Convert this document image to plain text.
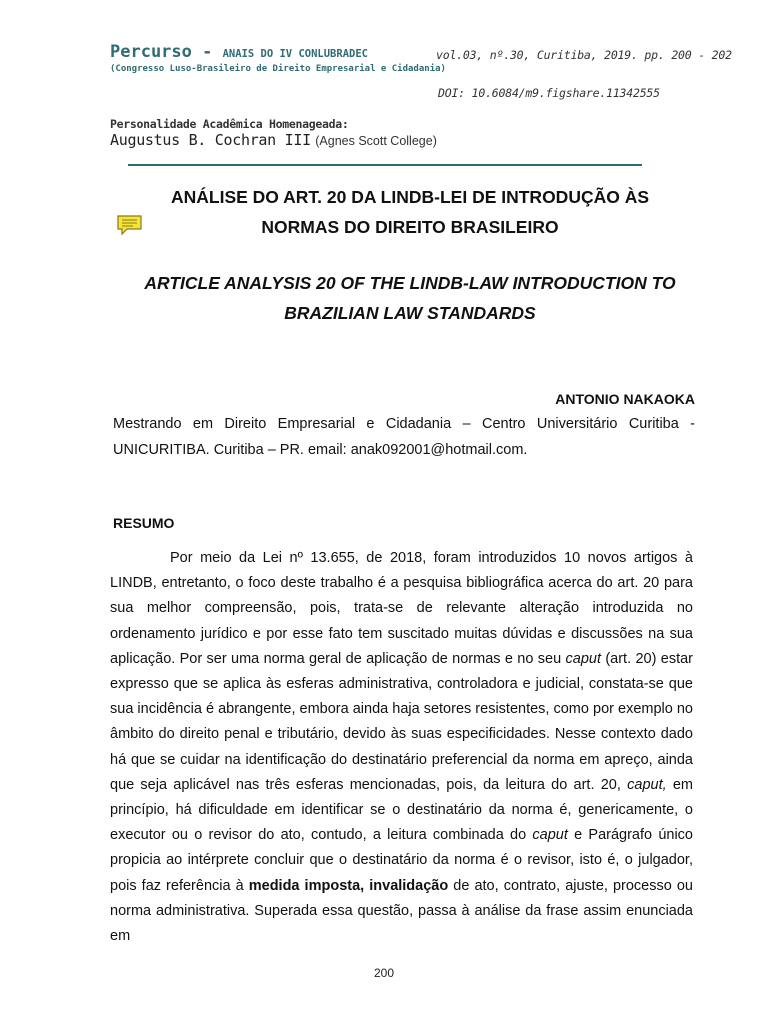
Percurso - ANAIS DO IV CONLUBRADEC
(Congresso Luso-Brasileiro de Direito Empresarial e Cidadania)
vol.03, nº.30, Curitiba, 2019. pp. 200 - 202
DOI: 10.6084/m9.figshare.11342555
Personalidade Acadêmica Homenageada:
Augustus B. Cochran III (Agnes Scott College)
ANÁLISE DO ART. 20 DA LINDB-LEI DE INTRODUÇÃO ÀS
NORMAS DO DIREITO BRASILEIRO
ARTICLE ANALYSIS 20 OF THE LINDB-LAW INTRODUCTION TO
BRAZILIAN LAW STANDARDS
ANTONIO NAKAOKA
Mestrando em Direito Empresarial e Cidadania – Centro Universitário Curitiba - UNICURITIBA. Curitiba – PR. email: anak092001@hotmail.com.
RESUMO

Por meio da Lei nº 13.655, de 2018, foram introduzidos 10 novos artigos à LINDB, entretanto, o foco deste trabalho é a pesquisa bibliográfica acerca do art. 20 para sua melhor compreensão, pois, trata-se de relevante alteração introduzida no ordenamento jurídico e por esse fato tem suscitado muitas dúvidas e discussões na sua aplicação. Por ser uma norma geral de aplicação de normas e no seu caput (art. 20) estar expresso que se aplica às esferas administrativa, controladora e judicial, constata-se que sua incidência é abrangente, embora ainda haja setores resistentes, como por exemplo no âmbito do direito penal e tributário, devido às suas especificidades. Nesse contexto dado há que se cuidar na identificação do destinatário preferencial da norma em apreço, ainda que seja aplicável nas três esferas mencionadas, pois, da leitura do art. 20, caput, em princípio, há dificuldade em identificar se o destinatário da norma é, genericamente, o executor ou o revisor do ato, contudo, a leitura combinada do caput e Parágrafo único propicia ao intérprete concluir que o destinatário da norma é o revisor, isto é, o julgador, pois faz referência à medida imposta, invalidação de ato, contrato, ajuste, processo ou norma administrativa. Superada essa questão, passa à análise da frase assim enunciada em

200
